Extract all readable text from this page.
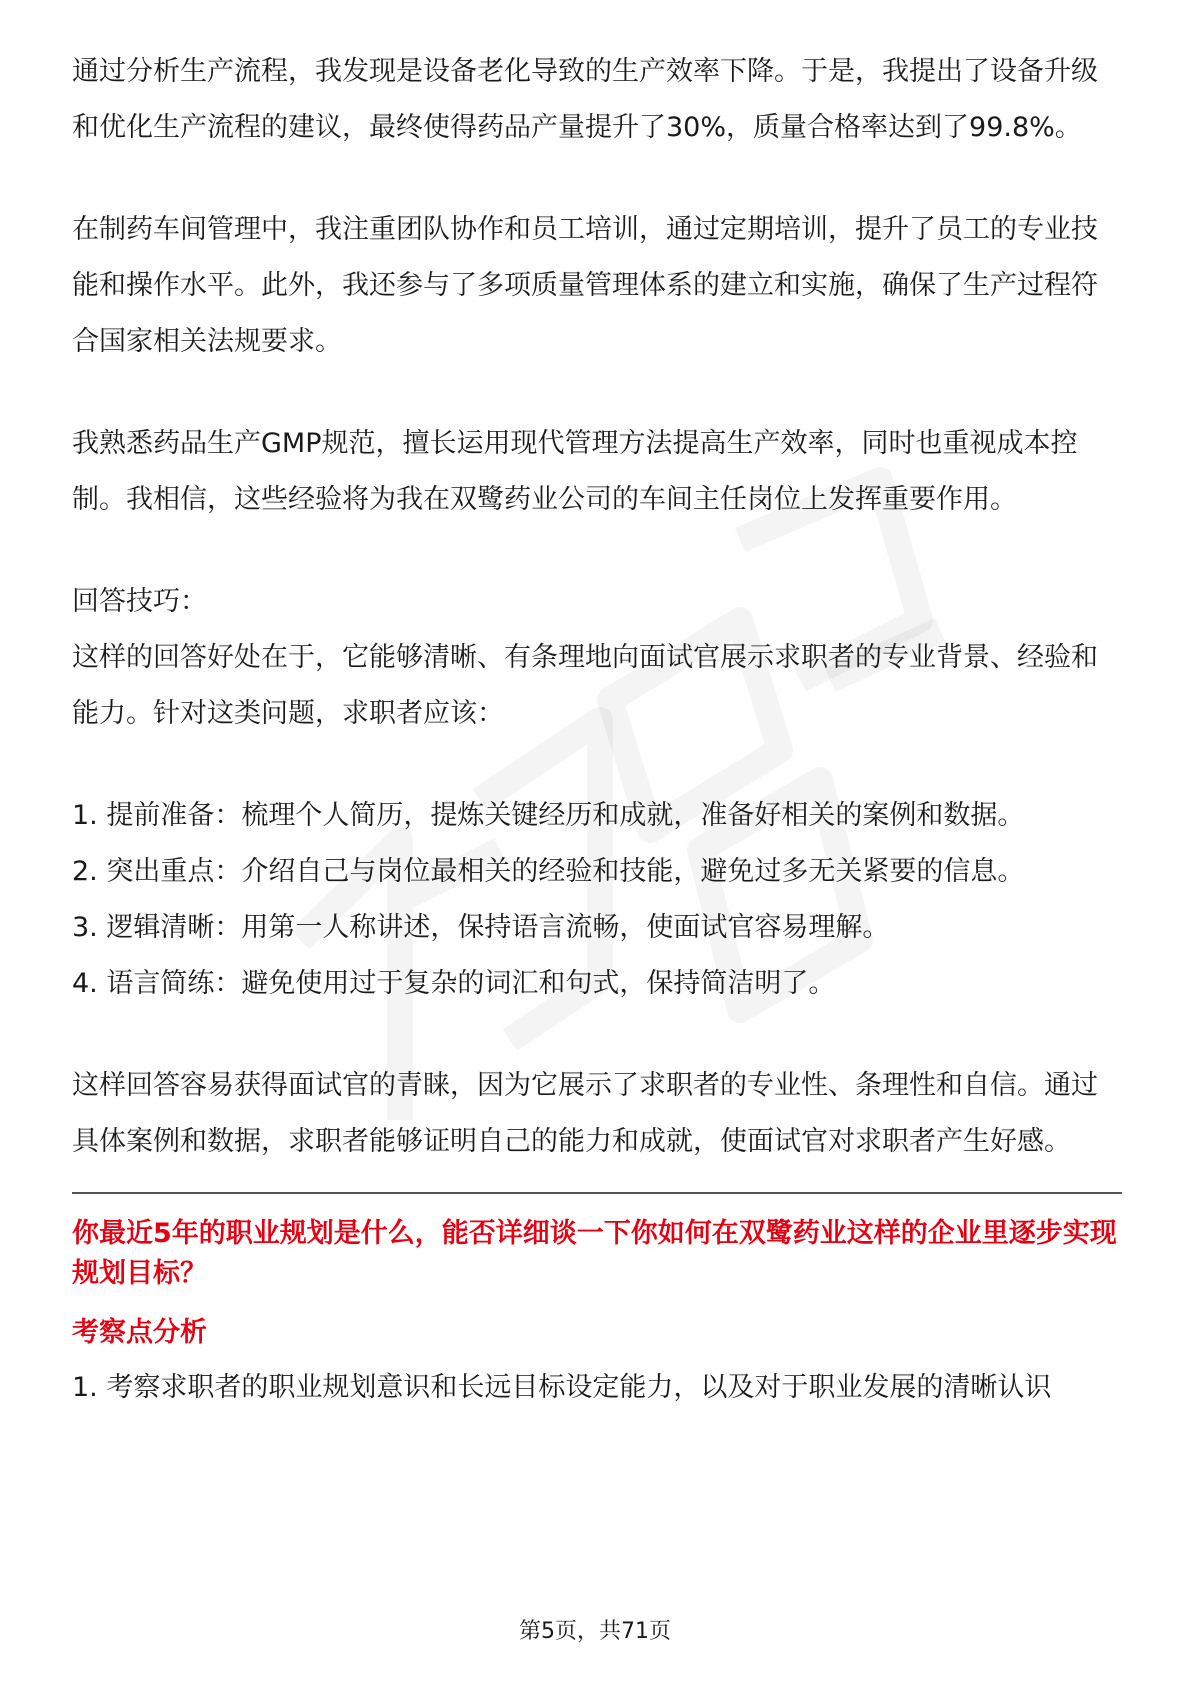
通过分析生产流程，我发现是设备老化导致的生产效率下降。于是，我提出了设备升级和优化生产流程的建议，最终使得药品产量提升了30%，质量合格率达到了99.8%。

在制药车间管理中，我注重团队协作和员工培训，通过定期培训，提升了员工的专业技能和操作水平。此外，我还参与了多项质量管理体系的建立和实施，确保了生产过程符合国家相关法规要求。

我熟悉药品生产GMP规范，擅长运用现代管理方法提高生产效率，同时也重视成本控制。我相信，这些经验将为我在双鹭药业公司的车间主任岗位上发挥重要作用。

回答技巧：

这样的回答好处在于，它能够清晰、有条理地向面试官展示求职者的专业背景、经验和能力。针对这类问题，求职者应该：

1. 提前准备：梳理个人简历，提炼关键经历和成就，准备好相关的案例和数据。

2. 突出重点：介绍自己与岗位最相关的经验和技能，避免过多无关紧要的信息。

3. 逻辑清晰：用第一人称讲述，保持语言流畅，使面试官容易理解。

4. 语言简练：避免使用过于复杂的词汇和句式，保持简洁明了。

这样回答容易获得面试官的青睐，因为它展示了求职者的专业性、条理性和自信。通过具体案例和数据，求职者能够证明自己的能力和成就，使面试官对求职者产生好感。

你最近5年的职业规划是什么，能否详细谈一下你如何在双鹭药业这样的企业里逐步实现规划目标？

考察点分析

1. 考察求职者的职业规划意识和长远目标设定能力，以及对于职业发展的清晰认识

第5页，共71页
